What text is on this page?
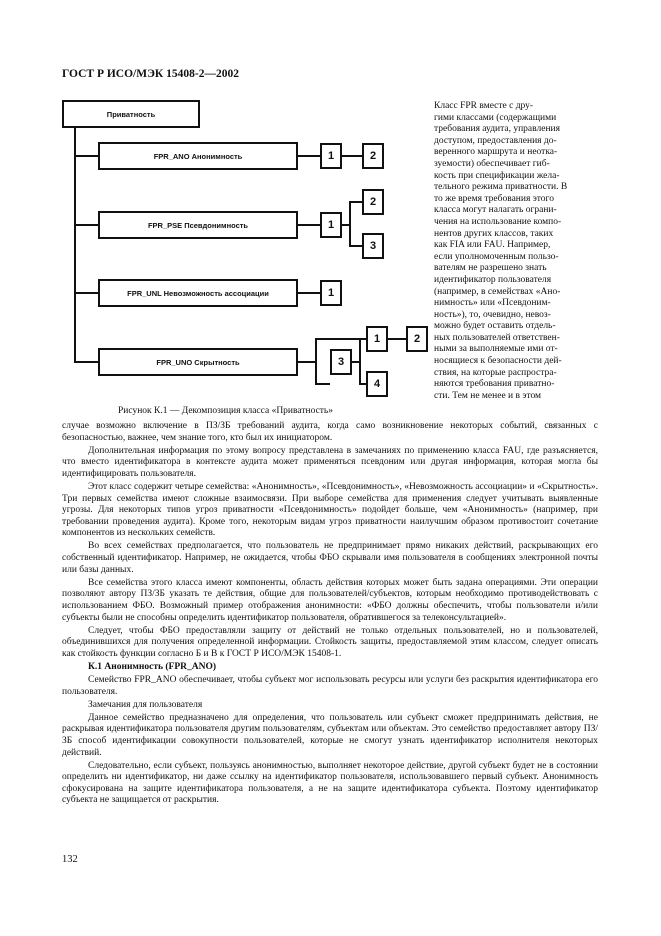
ГОСТ Р ИСО/МЭК 15408-2—2002
Приватность
FPR_ANO Анонимность	1	2
FPR_PSE Псевдонимность	1
2
3
FPR_UNL Невозможность ассоциации	1
FPR_UNO Скрытность
1	2
3
4
Рисунок К.1 — Декомпозиция класса «Приватность»
Класс FPR вместе с дру-
гими классами (содержащими
требования аудита, управления
доступом, предоставления до-
веренного маршрута и неотка-
зуемости) обеспечивает гиб-
кость при спецификации жела-
тельного режима приватности. В
то же время требования этого
класса могут налагать ограни-
чения на использование компо-
нентов других классов, таких
как FIA или FAU. Например,
если уполномоченным пользо-
вателям не разрешено знать
идентификатор пользователя
(например, в семействах «Ано-
нимность» или «Псевдоним-
ность»), то, очевидно, невоз-
можно будет оставить отдель-
ных пользователей ответствен-
ными за выполняемые ими от-
носящиеся к безопасности дей-
ствия, на которые распростра-
няются требования приватно-
сти. Тем не менее и в этом

случае возможно включение в ПЗ/ЗБ требований аудита, когда само возникновение некоторых событий, связанных с безопасностью, важнее, чем знание того, кто был их инициатором.

Дополнительная информация по этому вопросу представлена в замечаниях по применению класса FAU, где разъясняется, что вместо идентификатора в контексте аудита может применяться псевдоним или другая информация, которая могла бы идентифицировать пользователя.

Этот класс содержит четыре семейства: «Анонимность», «Псевдонимность», «Невозможность ассоциации» и «Скрытность». Три первых семейства имеют сложные взаимосвязи. При выборе семейства для применения следует учитывать выявленные угрозы. Для некоторых типов угроз приватности «Псевдонимность» подойдет больше, чем «Анонимность» (например, при требовании проведения аудита). Кроме того, некоторым видам угроз приватности наилучшим образом противостоит сочетание компонентов из нескольких семейств.

Во всех семействах предполагается, что пользователь не предпринимает прямо никаких действий, раскрывающих его собственный идентификатор. Например, не ожидается, чтобы ФБО скрывали имя пользователя в сообщениях электронной почты или базы данных.

Все семейства этого класса имеют компоненты, область действия которых может быть задана операциями. Эти операции позволяют автору ПЗ/ЗБ указать те действия, общие для пользователей/субъектов, которым необходимо противодействовать с использованием ФБО. Возможный пример отображения анонимности: «ФБО должны обеспечить, чтобы пользователи и/или субъекты были не способны определить идентификатор пользователя, обратившегося за телеконсультацией».

Следует, чтобы ФБО предоставляли защиту от действий не только отдельных пользователей, но и пользователей, объединившихся для получения определенной информации. Стойкость защиты, предоставляемой этим классом, следует описать как стойкость функции согласно Б и В к ГОСТ Р ИСО/МЭК 15408-1.

К.1 Анонимность (FPR_ANO)

Семейство FPR_ANO обеспечивает, чтобы субъект мог использовать ресурсы или услуги без раскрытия идентификатора его пользователя.

Замечания для пользователя

Данное семейство предназначено для определения, что пользователь или субъект сможет предпринимать действия, не раскрывая идентификатора пользователя другим пользователям, субъектам или объектам. Это семейство предоставляет автору ПЗ/ЗБ способ идентификации совокупности пользователей, которые не смогут узнать идентификатор исполнителя некоторых действий.

Следовательно, если субъект, пользуясь анонимностью, выполняет некоторое действие, другой субъект будет не в состоянии определить ни идентификатор, ни даже ссылку на идентификатор пользователя, использовавшего первый субъект. Анонимность сфокусирована на защите идентификатора пользователя, а не на защите идентификатора субъекта. Поэтому идентификатор субъекта не защищается от раскрытия.

132
